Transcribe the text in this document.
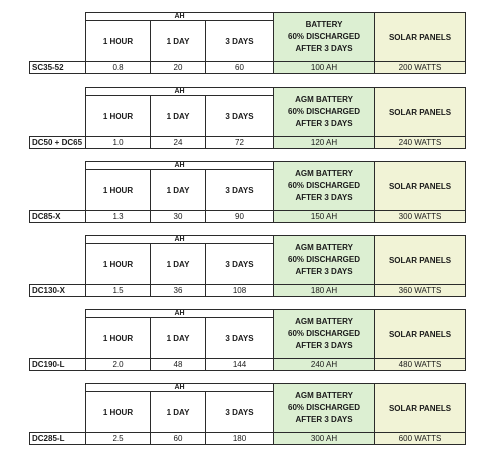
	AH			BATTERY
60% DISCHARGED
AFTER 3 DAYS	SOLAR PANELS
	1 HOUR	1 DAY	3 DAYS		
SC35-52	0.8	20	60	100 AH	200 WATTS
	AH			AGM BATTERY
60% DISCHARGED
AFTER 3 DAYS	SOLAR PANELS
	1 HOUR	1 DAY	3 DAYS		
DC50 + DC65	1.0	24	72	120 AH	240 WATTS
	AH			AGM BATTERY
60% DISCHARGED
AFTER 3 DAYS	SOLAR PANELS
	1 HOUR	1 DAY	3 DAYS		
DC85-X	1.3	30	90	150 AH	300 WATTS
	AH			AGM BATTERY
60% DISCHARGED
AFTER 3 DAYS	SOLAR PANELS
	1 HOUR	1 DAY	3 DAYS		
DC130-X	1.5	36	108	180 AH	360 WATTS
	AH			AGM BATTERY
60% DISCHARGED
AFTER 3 DAYS	SOLAR PANELS
	1 HOUR	1 DAY	3 DAYS		
DC190-L	2.0	48	144	240 AH	480 WATTS
	AH			AGM BATTERY
60% DISCHARGED
AFTER 3 DAYS	SOLAR PANELS
	1 HOUR	1 DAY	3 DAYS		
DC285-L	2.5	60	180	300 AH	600 WATTS
